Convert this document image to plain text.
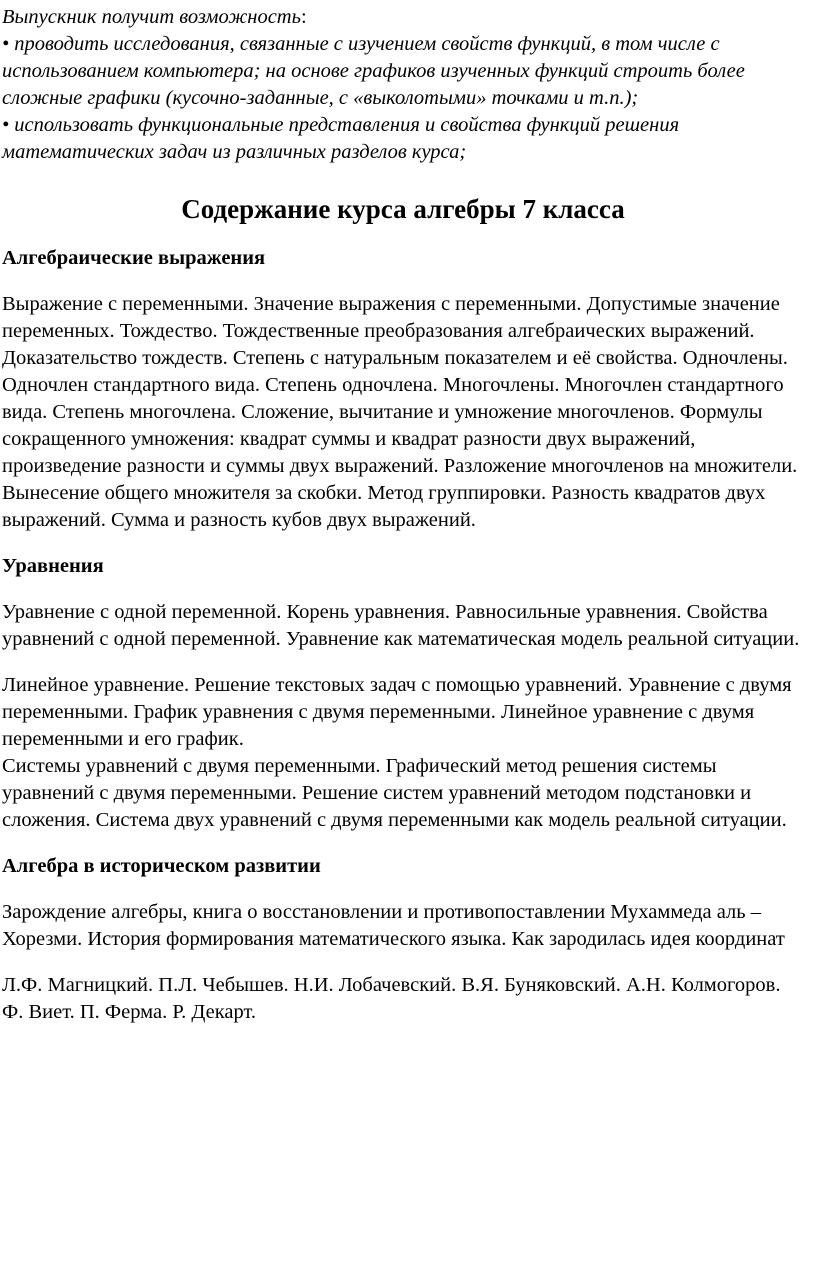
Выпускник получит возможность:
• проводить исследования, связанные с изучением свойств функций, в том числе с использованием компьютера; на основе графиков изученных функций строить более сложные графики (кусочно-заданные, с «выколотыми» точками и т.п.);
• использовать функциональные представления и свойства функций решения математических задач из различных разделов курса;
Содержание курса алгебры 7 класса
Алгебраические выражения
Выражение с переменными. Значение выражения с переменными. Допустимые значение переменных. Тождество. Тождественные преобразования алгебраических выражений. Доказательство тождеств. Степень с натуральным показателем и её свойства. Одночлены. Одночлен стандартного вида. Степень одночлена. Многочлены. Многочлен стандартного вида. Степень многочлена. Сложение, вычитание и умножение многочленов. Формулы сокращенного умножения: квадрат суммы и квадрат разности двух выражений, произведение разности и суммы двух выражений. Разложение многочленов на множители. Вынесение общего множителя за скобки. Метод группировки. Разность квадратов двух выражений. Сумма и разность кубов двух выражений.
Уравнения
Уравнение с одной переменной. Корень уравнения. Равносильные уравнения. Свойства уравнений с одной переменной. Уравнение как математическая модель реальной ситуации.
Линейное уравнение. Решение текстовых задач с помощью уравнений. Уравнение с двумя переменными. График уравнения с двумя переменными. Линейное уравнение с двумя переменными и его график.
Системы уравнений с двумя переменными. Графический метод решения системы уравнений с двумя переменными. Решение систем уравнений методом подстановки и сложения. Система двух уравнений с двумя переменными как модель реальной ситуации.
Алгебра в историческом развитии
Зарождение алгебры, книга о восстановлении и противопоставлении Мухаммеда аль – Хорезми. История формирования математического языка. Как зародилась идея координат
Л.Ф. Магницкий. П.Л. Чебышев. Н.И. Лобачевский. В.Я. Буняковский. А.Н. Колмогоров. Ф. Виет. П. Ферма. Р. Декарт.
